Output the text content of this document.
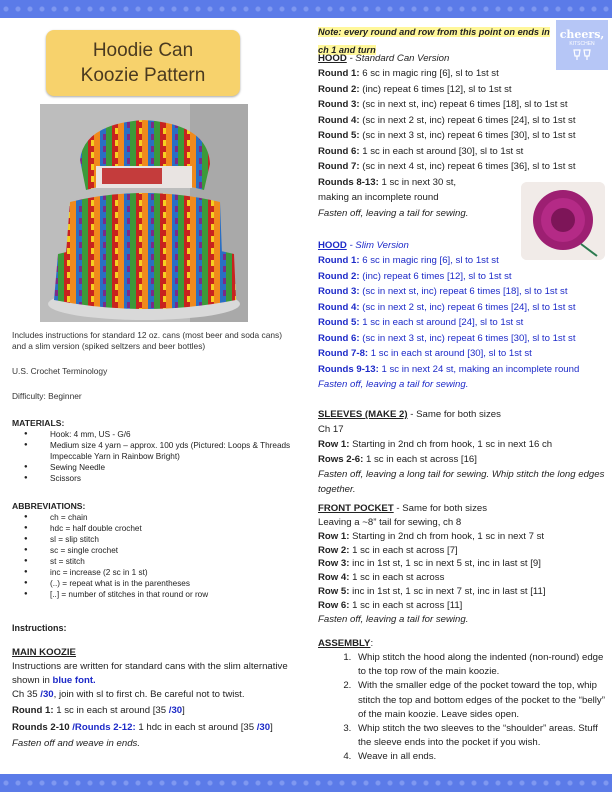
Hoodie Can
Koozie Pattern
Includes instructions for standard 12 oz. cans (most beer and soda cans) and a slim version (spiked seltzers and beer bottles)
U.S. Crochet Terminology
Difficulty: Beginner
MATERIALS:
● Hook: 4 mm, US - G/6
● Medium size 4 yarn – approx. 100 yds (Pictured: Loops & Threads Impeccable Yarn in Rainbow Bright)
● Sewing Needle
● Scissors
ABBREVIATIONS:
● ch = chain
● hdc = half double crochet
● sl = slip stitch
● sc = single crochet
● st = stitch
● inc = increase (2 sc in 1 st)
● (..) = repeat what is in the parentheses
● [..] = number of stitches in that round or row
Instructions:

MAIN KOOZIE

Instructions are written for standard cans with the slim alternative shown in blue font.

Ch 35 /30, join with sl to first ch. Be careful not to twist.

Round 1: 1 sc in each st around [35 /30]

Rounds 2-10 /Rounds 2-12: 1 hdc in each st around [35 /30]

Fasten off and weave in ends.

cheers,
KITSCHEN
Note: every round and row from this point on ends in ch 1 and turn

HOOD - Standard Can Version

Round 1: 6 sc in magic ring [6], sl to 1st st

Round 2: (inc) repeat 6 times [12], sl to 1st st

Round 3: (sc in next st, inc) repeat 6 times [18], sl to 1st st

Round 4: (sc in next 2 st, inc) repeat 6 times [24], sl to 1st st

Round 5: (sc in next 3 st, inc) repeat 6 times [30], sl to 1st st

Round 6: 1 sc in each st around [30], sl to 1st st

Round 7: (sc in next 4 st, inc) repeat 6 times [36], sl to 1st st

Rounds 8-13: 1 sc in next 30 st,

making an incomplete round

Fasten off, leaving a tail for sewing.

HOOD - Slim Version

Round 1: 6 sc in magic ring [6], sl to 1st st

Round 2: (inc) repeat 6 times [12], sl to 1st st

Round 3: (sc in next st, inc) repeat 6 times [18], sl to 1st st

Round 4: (sc in next 2 st, inc) repeat 6 times [24], sl to 1st st

Round 5: 1 sc in each st around [24], sl to 1st st

Round 6: (sc in next 3 st, inc) repeat 6 times [30], sl to 1st st

Round 7-8: 1 sc in each st around [30], sl to 1st st

Rounds 9-13: 1 sc in next 24 st, making an incomplete round

Fasten off, leaving a tail for sewing.

SLEEVES (MAKE 2) - Same for both sizes

Ch 17

Row 1: Starting in 2nd ch from hook, 1 sc in next 16 ch

Rows 2-6: 1 sc in each st across [16]

Fasten off, leaving a long tail for sewing. Whip stitch the long edges together.

FRONT POCKET - Same for both sizes

Leaving a ~8” tail for sewing, ch 8

Row 1: Starting in 2nd ch from hook, 1 sc in next 7 st

Row 2: 1 sc in each st across [7]

Row 3: inc in 1st st, 1 sc in next 5 st, inc in last st [9]

Row 4: 1 sc in each st across

Row 5: inc in 1st st, 1 sc in next 7 st, inc in last st [11]

Row 6: 1 sc in each st across [11]

Fasten off, leaving a tail for sewing.

ASSEMBLY:

1. Whip stitch the hood along the indented (non-round) edge to the top row of the main koozie.
2. With the smaller edge of the pocket toward the top, whip stitch the top and bottom edges of the pocket to the “belly” of the main koozie. Leave sides open.
3. Whip stitch the two sleeves to the “shoulder” areas. Stuff the sleeve ends into the pocket if you wish.
4. Weave in all ends.
